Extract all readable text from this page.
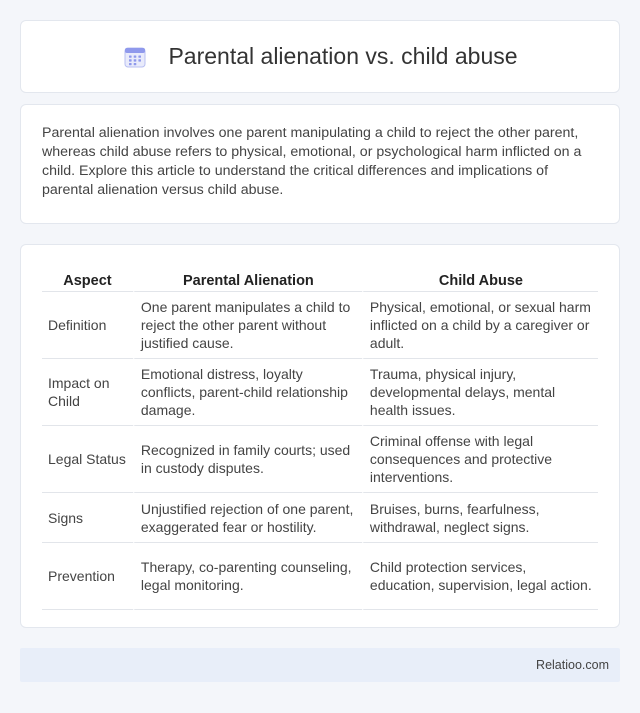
Parental alienation vs. child abuse

Parental alienation involves one parent manipulating a child to reject the other parent, whereas child abuse refers to physical, emotional, or psychological harm inflicted on a child. Explore this article to understand the critical differences and implications of parental alienation versus child abuse.

Aspect	Parental Alienation	Child Abuse
Definition	One parent manipulates a child to reject the other parent without justified cause.	Physical, emotional, or sexual harm inflicted on a child by a caregiver or adult.
Impact on Child	Emotional distress, loyalty conflicts, parent-child relationship damage.	Trauma, physical injury, developmental delays, mental health issues.
Legal Status	Recognized in family courts; used in custody disputes.	Criminal offense with legal consequences and protective interventions.
Signs	Unjustified rejection of one parent, exaggerated fear or hostility.	Bruises, burns, fearfulness, withdrawal, neglect signs.
Prevention	Therapy, co-parenting counseling, legal monitoring.	Child protection services, education, supervision, legal action.
Relatioo.com
